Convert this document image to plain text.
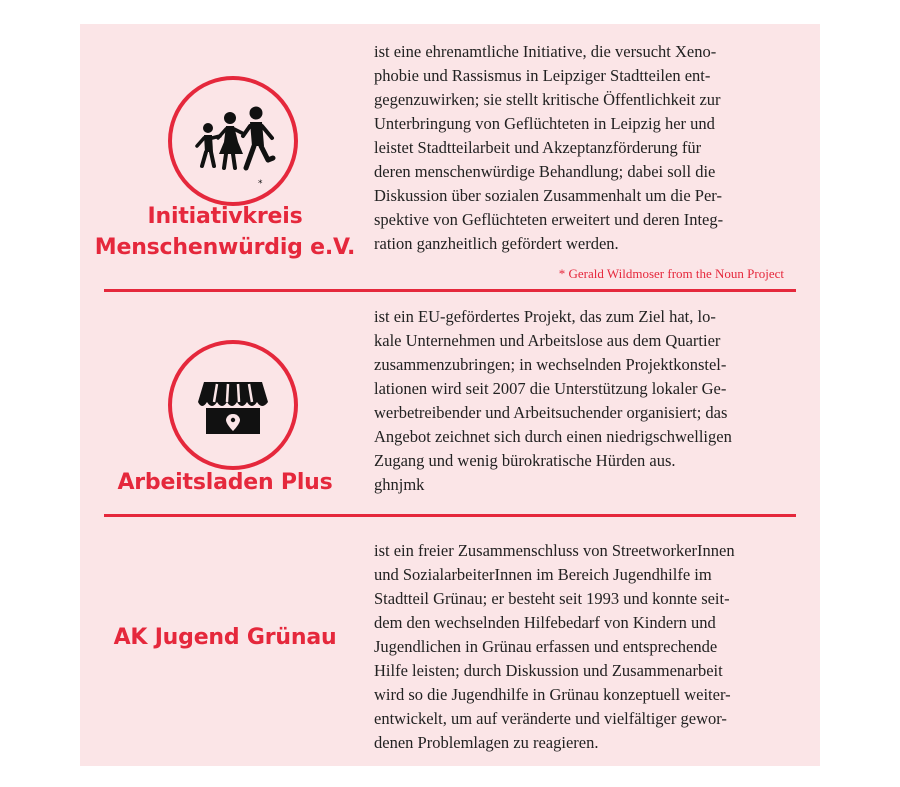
*
Initiativkreis
Menschenwürdig e.V.
ist eine ehrenamtliche Initiative, die versucht Xeno-
phobie und Rassismus in Leipziger Stadtteilen ent-
gegenzuwirken; sie stellt kritische Öffentlichkeit zur
Unterbringung von Geflüchteten in Leipzig her und
leistet Stadtteilarbeit und Akzeptanzförderung für
deren menschenwürdige Behandlung; dabei soll die
Diskussion über sozialen Zusammenhalt um die Per-
spektive von Geflüchteten erweitert und deren Integ-
ration ganzheitlich gefördert werden.
* Gerald Wildmoser from the Noun Project
Arbeitsladen Plus
ist ein EU-gefördertes Projekt, das zum Ziel hat, lo-
kale Unternehmen und Arbeitslose aus dem Quartier
zusammenzubringen; in wechselnden Projektkonstel-
lationen wird seit 2007 die Unterstützung lokaler Ge-
werbetreibender und Arbeitsuchender organisiert; das
Angebot zeichnet sich durch einen niedrigschwelligen
Zugang und wenig bürokratische Hürden aus.
ghnjmk
AK Jugend Grünau
ist ein freier Zusammenschluss von StreetworkerInnen
und SozialarbeiterInnen im Bereich Jugendhilfe im
Stadtteil Grünau; er besteht seit 1993 und konnte seit-
dem den wechselnden Hilfebedarf von Kindern und
Jugendlichen in Grünau erfassen und entsprechende
Hilfe leisten; durch Diskussion und Zusammenarbeit
wird so die Jugendhilfe in Grünau konzeptuell weiter-
entwickelt, um auf veränderte und vielfältiger gewor-
denen Problemlagen zu reagieren.
